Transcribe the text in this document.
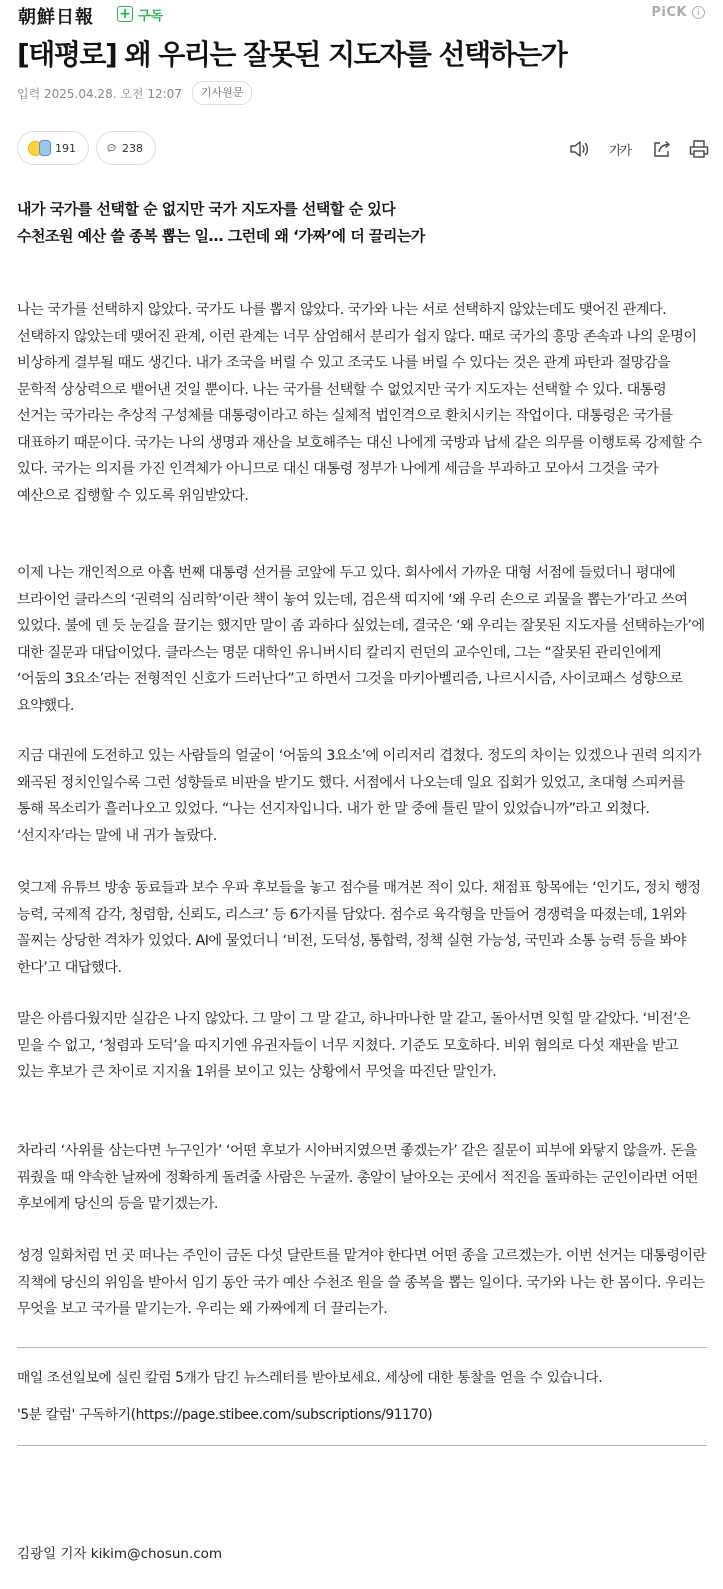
朝鮮日報 + 구독	PiCK	i
[태평로] 왜 우리는 잘못된 지도자를 선택하는가
입력 2025.04.28. 오전 12:07	기사원문
191	238	가가

내가 국가를 선택할 순 없지만 국가 지도자를 선택할 순 있다

수천조원 예산 쓸 종복 뽑는 일… 그런데 왜 ‘가짜’에 더 끌리는가

나는 국가를 선택하지 않았다. 국가도 나를 뽑지 않았다. 국가와 나는 서로 선택하지 않았는데도 맺어진 관계다. 선택하지 않았는데 맺어진 관계, 이런 관계는 너무 삼엄해서 분리가 쉽지 않다. 때로 국가의 흥망 존속과 나의 운명이 비상하게 결부될 때도 생긴다. 내가 조국을 버릴 수 있고 조국도 나를 버릴 수 있다는 것은 관계 파탄과 절망감을 문학적 상상력으로 뱉어낸 것일 뿐이다. 나는 국가를 선택할 수 없었지만 국가 지도자는 선택할 수 있다. 대통령 선거는 국가라는 추상적 구성체를 대통령이라고 하는 실체적 법인격으로 환치시키는 작업이다. 대통령은 국가를 대표하기 때문이다. 국가는 나의 생명과 재산을 보호해주는 대신 나에게 국방과 납세 같은 의무를 이행토록 강제할 수 있다. 국가는 의지를 가진 인격체가 아니므로 대신 대통령 정부가 나에게 세금을 부과하고 모아서 그것을 국가 예산으로 집행할 수 있도록 위임받았다.

이제 나는 개인적으로 아홉 번째 대통령 선거를 코앞에 두고 있다. 회사에서 가까운 대형 서점에 들렀더니 평대에 브라이언 클라스의 ‘권력의 심리학’이란 책이 놓여 있는데, 검은색 띠지에 ‘왜 우리 손으로 괴물을 뽑는가’라고 쓰여 있었다. 불에 덴 듯 눈길을 끌기는 했지만 말이 좀 과하다 싶었는데, 결국은 ‘왜 우리는 잘못된 지도자를 선택하는가’에 대한 질문과 대답이었다. 클라스는 명문 대학인 유니버시티 칼리지 런던의 교수인데, 그는 “잘못된 관리인에게 ‘어둠의 3요소’라는 전형적인 신호가 드러난다”고 하면서 그것을 마키아벨리즘, 나르시시즘, 사이코패스 성향으로 요약했다.

지금 대권에 도전하고 있는 사람들의 얼굴이 ‘어둠의 3요소’에 이리저리 겹쳤다. 정도의 차이는 있겠으나 권력 의지가 왜곡된 정치인일수록 그런 성향들로 비판을 받기도 했다. 서점에서 나오는데 일요 집회가 있었고, 초대형 스피커를 통해 목소리가 흘러나오고 있었다. “나는 선지자입니다. 내가 한 말 중에 틀린 말이 있었습니까”라고 외쳤다. ‘선지자’라는 말에 내 귀가 놀랐다.

엊그제 유튜브 방송 동료들과 보수 우파 후보들을 놓고 점수를 매겨본 적이 있다. 채점표 항목에는 ‘인기도, 정치 행정 능력, 국제적 감각, 청렴함, 신뢰도, 리스크’ 등 6가지를 담았다. 점수로 육각형을 만들어 경쟁력을 따졌는데, 1위와 꼴찌는 상당한 격차가 있었다. AI에 물었더니 ‘비전, 도덕성, 통합력, 정책 실현 가능성, 국민과 소통 능력 등을 봐야 한다’고 대답했다.

말은 아름다웠지만 실감은 나지 않았다. 그 말이 그 말 같고, 하나마나한 말 같고, 돌아서면 잊힐 말 같았다. ‘비전’은 믿을 수 없고, ‘청렴과 도덕’을 따지기엔 유권자들이 너무 지쳤다. 기준도 모호하다. 비위 혐의로 다섯 재판을 받고 있는 후보가 큰 차이로 지지율 1위를 보이고 있는 상황에서 무엇을 따진단 말인가.

차라리 ‘사위를 삼는다면 누구인가’ ‘어떤 후보가 시아버지였으면 좋겠는가’ 같은 질문이 피부에 와닿지 않을까. 돈을 꿔줬을 때 약속한 날짜에 정확하게 돌려줄 사람은 누굴까. 총알이 날아오는 곳에서 적진을 돌파하는 군인이라면 어떤 후보에게 당신의 등을 맡기겠는가.

성경 일화처럼 먼 곳 떠나는 주인이 금돈 다섯 달란트를 맡겨야 한다면 어떤 종을 고르겠는가. 이번 선거는 대통령이란 직책에 당신의 위임을 받아서 임기 동안 국가 예산 수천조 원을 쓸 종복을 뽑는 일이다. 국가와 나는 한 몸이다. 우리는 무엇을 보고 국가를 맡기는가. 우리는 왜 가짜에게 더 끌리는가.

매일 조선일보에 실린 칼럼 5개가 담긴 뉴스레터를 받아보세요. 세상에 대한 통찰을 얻을 수 있습니다.

'5분 칼럼' 구독하기(https://page.stibee.com/subscriptions/91170)

김광일 기자 kikim@chosun.com
